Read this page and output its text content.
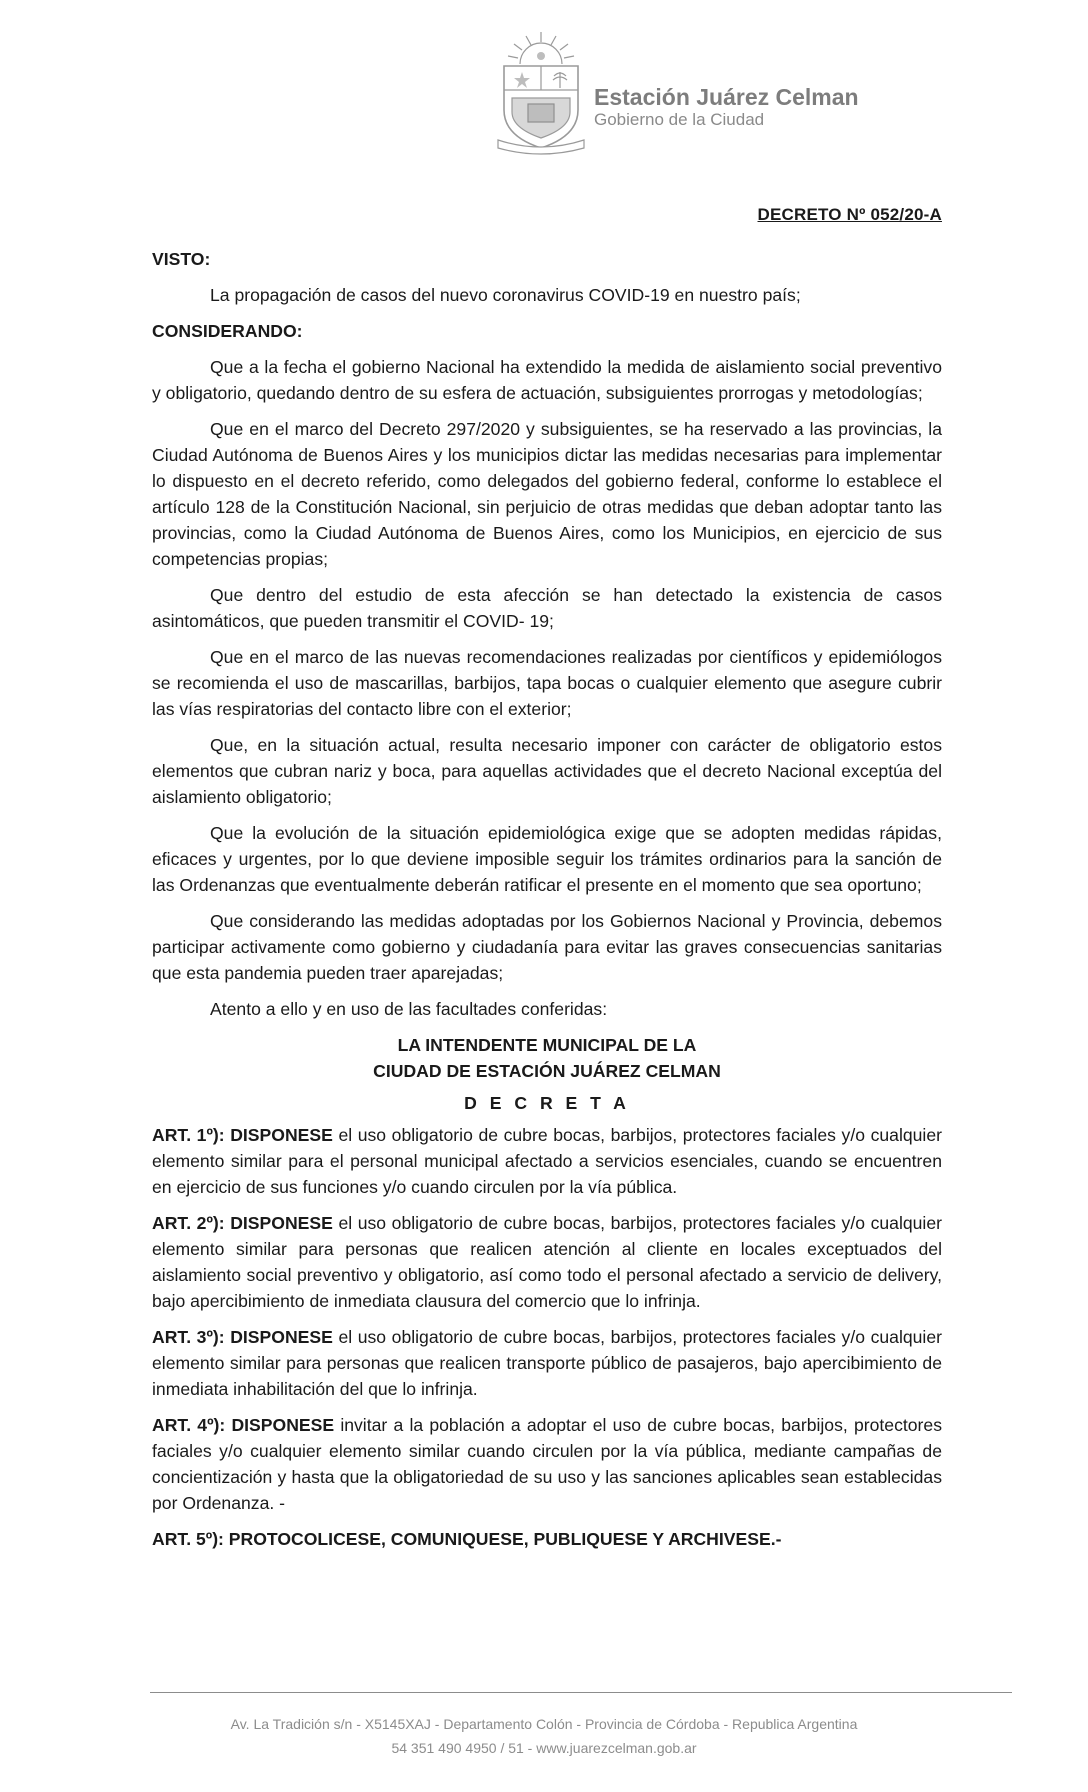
Estación Juárez Celman
Gobierno de la Ciudad
DECRETO Nº 052/20-A
VISTO:
La propagación de casos del nuevo coronavirus COVID-19 en nuestro país;
CONSIDERANDO:
Que a la fecha el gobierno Nacional ha extendido la medida de aislamiento social preventivo y obligatorio, quedando dentro de su esfera de actuación, subsiguientes prorrogas y metodologías;
Que en el marco del Decreto 297/2020 y subsiguientes, se ha reservado a las provincias, la Ciudad Autónoma de Buenos Aires y los municipios dictar las medidas necesarias para implementar lo dispuesto en el decreto referido, como delegados del gobierno federal, conforme lo establece el artículo 128 de la Constitución Nacional, sin perjuicio de otras medidas que deban adoptar tanto las provincias, como la Ciudad Autónoma de Buenos Aires, como los Municipios, en ejercicio de sus competencias propias;
Que dentro del estudio de esta afección se han detectado la existencia de casos asintomáticos, que pueden transmitir el COVID- 19;
Que en el marco de las nuevas recomendaciones realizadas por científicos y epidemiólogos se recomienda el uso de mascarillas, barbijos, tapa bocas o cualquier elemento que asegure cubrir las vías respiratorias del contacto libre con el exterior;
Que, en la situación actual, resulta necesario imponer con carácter de obligatorio estos elementos que cubran nariz y boca, para aquellas actividades que el decreto Nacional exceptúa del aislamiento obligatorio;
Que la evolución de la situación epidemiológica exige que se adopten medidas rápidas, eficaces y urgentes, por lo que deviene imposible seguir los trámites ordinarios para la sanción de las Ordenanzas que eventualmente deberán ratificar el presente en el momento que sea oportuno;
Que considerando las medidas adoptadas por los Gobiernos Nacional y Provincia, debemos participar activamente como gobierno y ciudadanía para evitar las graves consecuencias sanitarias que esta pandemia pueden traer aparejadas;
Atento a ello y en uso de las facultades conferidas:
LA INTENDENTE MUNICIPAL DE LA
CIUDAD DE ESTACIÓN JUÁREZ CELMAN
D E C R E T A
ART. 1º): DISPONESE el uso obligatorio de cubre bocas, barbijos, protectores faciales y/o cualquier elemento similar para el personal municipal afectado a servicios esenciales, cuando se encuentren en ejercicio de sus funciones y/o cuando circulen por la vía pública.
ART. 2º): DISPONESE el uso obligatorio de cubre bocas, barbijos, protectores faciales y/o cualquier elemento similar para personas que realicen atención al cliente en locales exceptuados del aislamiento social preventivo y obligatorio, así como todo el personal afectado a servicio de delivery, bajo apercibimiento de inmediata clausura del comercio que lo infrinja.
ART. 3º): DISPONESE el uso obligatorio de cubre bocas, barbijos, protectores faciales y/o cualquier elemento similar para personas que realicen transporte público de pasajeros, bajo apercibimiento de inmediata inhabilitación del que lo infrinja.
ART. 4º): DISPONESE invitar a la población a adoptar el uso de cubre bocas, barbijos, protectores faciales y/o cualquier elemento similar cuando circulen por la vía pública, mediante campañas de concientización y hasta que la obligatoriedad de su uso y las sanciones aplicables sean establecidas por Ordenanza. -
ART. 5º): PROTOCOLICESE, COMUNIQUESE, PUBLIQUESE Y ARCHIVESE.-
Av. La Tradición s/n - X5145XAJ - Departamento Colón - Provincia de Córdoba - Republica Argentina
54 351 490 4950 / 51 - www.juarezcelman.gob.ar
